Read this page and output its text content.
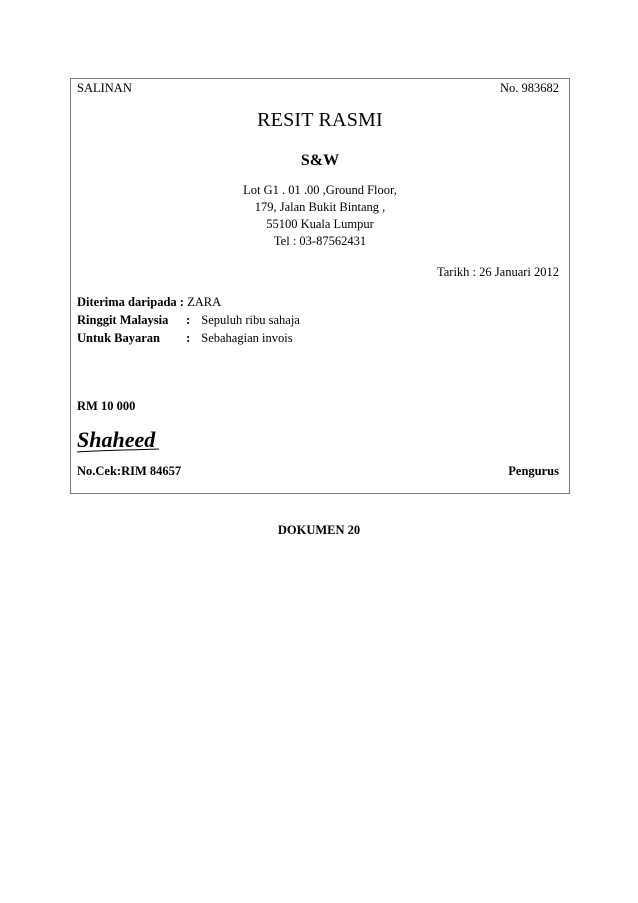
SALINAN	No. 983682
RESIT RASMI
S&W
Lot G1 . 01 .00 ,Ground Floor,
179, Jalan Bukit Bintang ,
55100 Kuala Lumpur
Tel : 03-87562431
Tarikh : 26 Januari 2012
Diterima daripada : ZARA
Ringgit Malaysia : Sepuluh ribu sahaja
Untuk Bayaran : Sebahagian invois
RM 10 000
Shaheed
No.Cek:RIM 84657	Pengurus
DOKUMEN 20
